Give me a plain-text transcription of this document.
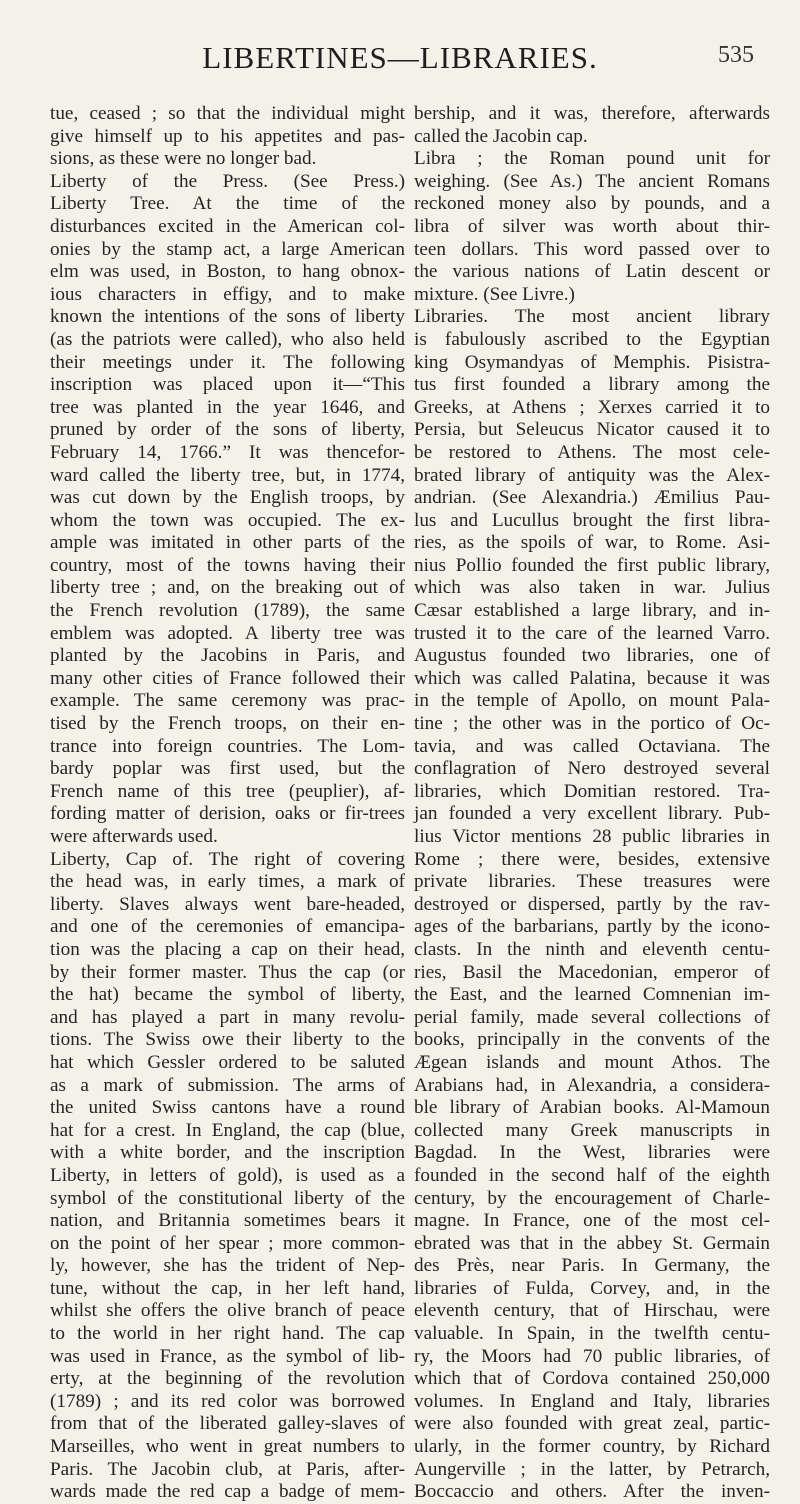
LIBERTINES—LIBRARIES.	535
tue, ceased ; so that the individual might
give himself up to his appetites and pas-
sions, as these were no longer bad.
Liberty of the Press. (See Press.)
Liberty Tree. At the time of the
disturbances excited in the American col-
onies by the stamp act, a large American
elm was used, in Boston, to hang obnox-
ious characters in effigy, and to make
known the intentions of the sons of liberty
(as the patriots were called), who also held
their meetings under it. The following
inscription was placed upon it—“This
tree was planted in the year 1646, and
pruned by order of the sons of liberty,
February 14, 1766.” It was thencefor-
ward called the liberty tree, but, in 1774,
was cut down by the English troops, by
whom the town was occupied. The ex-
ample was imitated in other parts of the
country, most of the towns having their
liberty tree ; and, on the breaking out of
the French revolution (1789), the same
emblem was adopted. A liberty tree was
planted by the Jacobins in Paris, and
many other cities of France followed their
example. The same ceremony was prac-
tised by the French troops, on their en-
trance into foreign countries. The Lom-
bardy poplar was first used, but the
French name of this tree (peuplier), af-
fording matter of derision, oaks or fir-trees
were afterwards used.
Liberty, Cap of. The right of covering
the head was, in early times, a mark of
liberty. Slaves always went bare-headed,
and one of the ceremonies of emancipa-
tion was the placing a cap on their head,
by their former master. Thus the cap (or
the hat) became the symbol of liberty,
and has played a part in many revolu-
tions. The Swiss owe their liberty to the
hat which Gessler ordered to be saluted
as a mark of submission. The arms of
the united Swiss cantons have a round
hat for a crest. In England, the cap (blue,
with a white border, and the inscription
Liberty, in letters of gold), is used as a
symbol of the constitutional liberty of the
nation, and Britannia sometimes bears it
on the point of her spear ; more common-
ly, however, she has the trident of Nep-
tune, without the cap, in her left hand,
whilst she offers the olive branch of peace
to the world in her right hand. The cap
was used in France, as the symbol of lib-
erty, at the beginning of the revolution
(1789) ; and its red color was borrowed
from that of the liberated galley-slaves of
Marseilles, who went in great numbers to
Paris. The Jacobin club, at Paris, after-
wards made the red cap a badge of mem-
bership, and it was, therefore, afterwards
called the Jacobin cap.
Libra ; the Roman pound unit for
weighing. (See As.) The ancient Romans
reckoned money also by pounds, and a
libra of silver was worth about thir-
teen dollars. This word passed over to
the various nations of Latin descent or
mixture. (See Livre.)
Libraries. The most ancient library
is fabulously ascribed to the Egyptian
king Osymandyas of Memphis. Pisistra-
tus first founded a library among the
Greeks, at Athens ; Xerxes carried it to
Persia, but Seleucus Nicator caused it to
be restored to Athens. The most cele-
brated library of antiquity was the Alex-
andrian. (See Alexandria.) Æmilius Pau-
lus and Lucullus brought the first libra-
ries, as the spoils of war, to Rome. Asi-
nius Pollio founded the first public library,
which was also taken in war. Julius
Cæsar established a large library, and in-
trusted it to the care of the learned Varro.
Augustus founded two libraries, one of
which was called Palatina, because it was
in the temple of Apollo, on mount Pala-
tine ; the other was in the portico of Oc-
tavia, and was called Octaviana. The
conflagration of Nero destroyed several
libraries, which Domitian restored. Tra-
jan founded a very excellent library. Pub-
lius Victor mentions 28 public libraries in
Rome ; there were, besides, extensive
private libraries. These treasures were
destroyed or dispersed, partly by the rav-
ages of the barbarians, partly by the icono-
clasts. In the ninth and eleventh centu-
ries, Basil the Macedonian, emperor of
the East, and the learned Comnenian im-
perial family, made several collections of
books, principally in the convents of the
Ægean islands and mount Athos. The
Arabians had, in Alexandria, a considera-
ble library of Arabian books. Al-Mamoun
collected many Greek manuscripts in
Bagdad. In the West, libraries were
founded in the second half of the eighth
century, by the encouragement of Charle-
magne. In France, one of the most cel-
ebrated was that in the abbey St. Germain
des Près, near Paris. In Germany, the
libraries of Fulda, Corvey, and, in the
eleventh century, that of Hirschau, were
valuable. In Spain, in the twelfth centu-
ry, the Moors had 70 public libraries, of
which that of Cordova contained 250,000
volumes. In England and Italy, libraries
were also founded with great zeal, partic-
ularly, in the former country, by Richard
Aungerville ; in the latter, by Petrarch,
Boccaccio and others. After the inven-
